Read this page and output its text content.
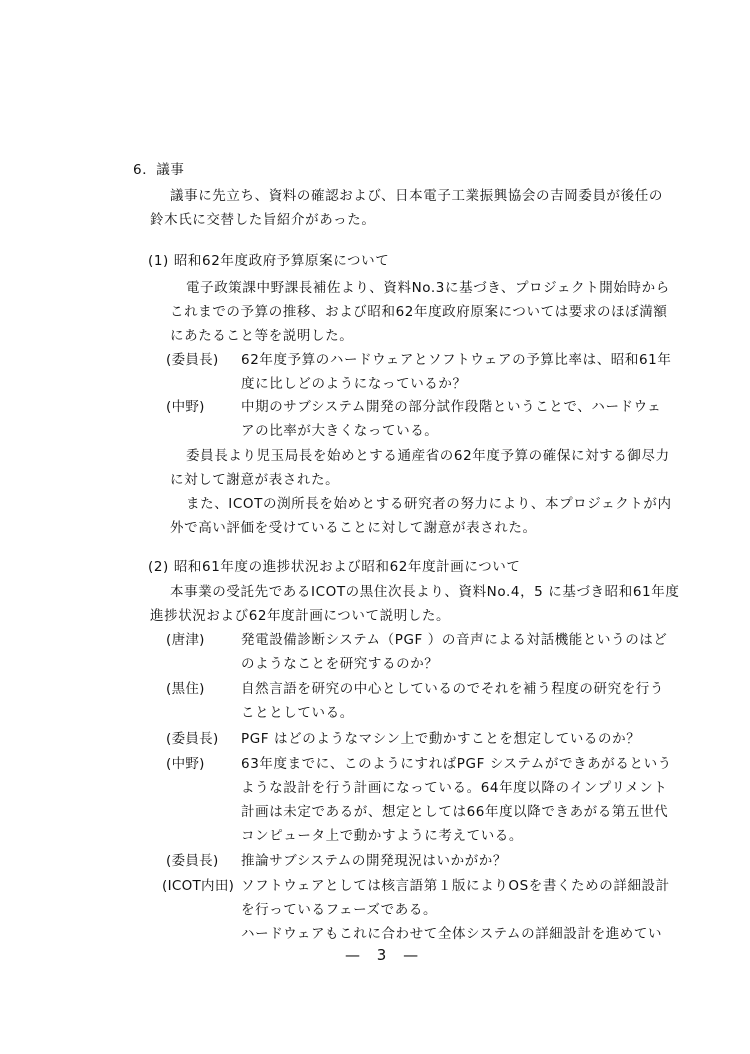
6．議事
議事に先立ち、資料の確認および、日本電子工業振興協会の吉岡委員が後任の
鈴木氏に交替した旨紹介があった。
(1) 昭和62年度政府予算原案について
電子政策課中野課長補佐より、資料No.3に基づき、プロジェクト開始時から
これまでの予算の推移、および昭和62年度政府原案については要求のほぼ満額
にあたること等を説明した。
(委員長) 62年度予算のハードウェアとソフトウェアの予算比率は、昭和61年
度に比しどのようになっているか？
(中野)	中期のサブシステム開発の部分試作段階ということで、ハードウェ
アの比率が大きくなっている。
委員長より児玉局長を始めとする通産省の62年度予算の確保に対する御尽力
に対して謝意が表された。
また、ICOTの渕所長を始めとする研究者の努力により、本プロジェクトが内
外で高い評価を受けていることに対して謝意が表された。
(2) 昭和61年度の進捗状況および昭和62年度計画について
本事業の受託先であるICOTの黒住次長より、資料No.4，5 に基づき昭和61年度
進捗状況および62年度計画について説明した。
(唐津)	発電設備診断システム（PGF ）の音声による対話機能というのはど
のようなことを研究するのか？
(黒住)	自然言語を研究の中心としているのでそれを補う程度の研究を行う
こととしている。
(委員長) PGF はどのようなマシン上で動かすことを想定しているのか？
(中野)	63年度までに、このようにすればPGF システムができあがるという
ような設計を行う計画になっている。64年度以降のインプリメント
計画は未定であるが、想定としては66年度以降できあがる第五世代
コンピュータ上で動かすように考えている。
(委員長) 推論サブシステムの開発現況はいかがか？
(ICOT内田) ソフトウェアとしては核言語第１版によりOSを書くための詳細設計
を行っているフェーズである。
ハードウェアもこれに合わせて全体システムの詳細設計を進めてい
— 3 —
